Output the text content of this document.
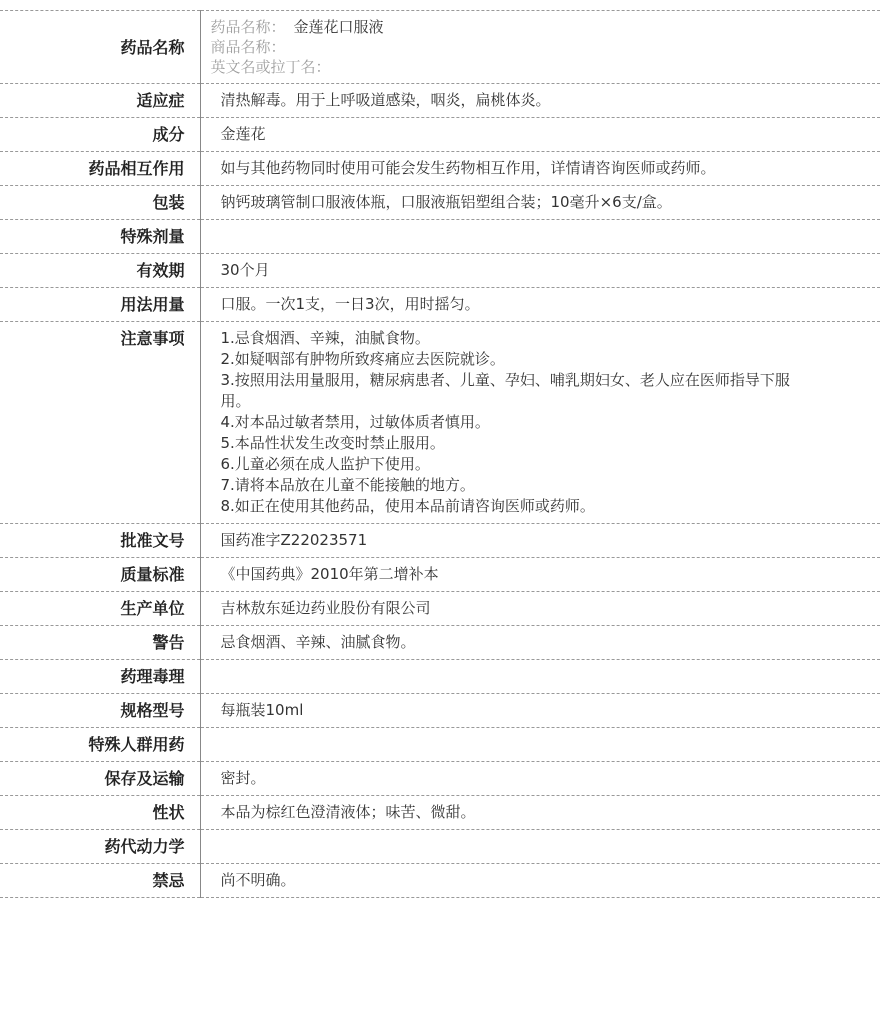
药品名称	药品名称： 金莲花口服液
商品名称：
英文名或拉丁名：

适应症	清热解毒。用于上呼吸道感染，咽炎，扁桃体炎。
成分	金莲花
药品相互作用	如与其他药物同时使用可能会发生药物相互作用，详情请咨询医师或药师。
包装	钠钙玻璃管制口服液体瓶，口服液瓶铝塑组合装；10毫升×6支/盒。
特殊剂量	
有效期	30个月
用法用量	口服。一次1支，一日3次，用时摇匀。
注意事项	1.忌食烟酒、辛辣，油腻食物。
2.如疑咽部有肿物所致疼痛应去医院就诊。
3.按照用法用量服用，糖尿病患者、儿童、孕妇、哺乳期妇女、老人应在医师指导下服用。
4.对本品过敏者禁用，过敏体质者慎用。
5.本品性状发生改变时禁止服用。
6.儿童必须在成人监护下使用。
7.请将本品放在儿童不能接触的地方。
8.如正在使用其他药品，使用本品前请咨询医师或药师。

批准文号	国药准字Z22023571
质量标准	《中国药典》2010年第二增补本
生产单位	吉林敖东延边药业股份有限公司
警告	忌食烟酒、辛辣、油腻食物。
药理毒理	
规格型号	每瓶装10ml
特殊人群用药	
保存及运输	密封。
性状	本品为棕红色澄清液体；味苦、微甜。
药代动力学	
禁忌	尚不明确。
